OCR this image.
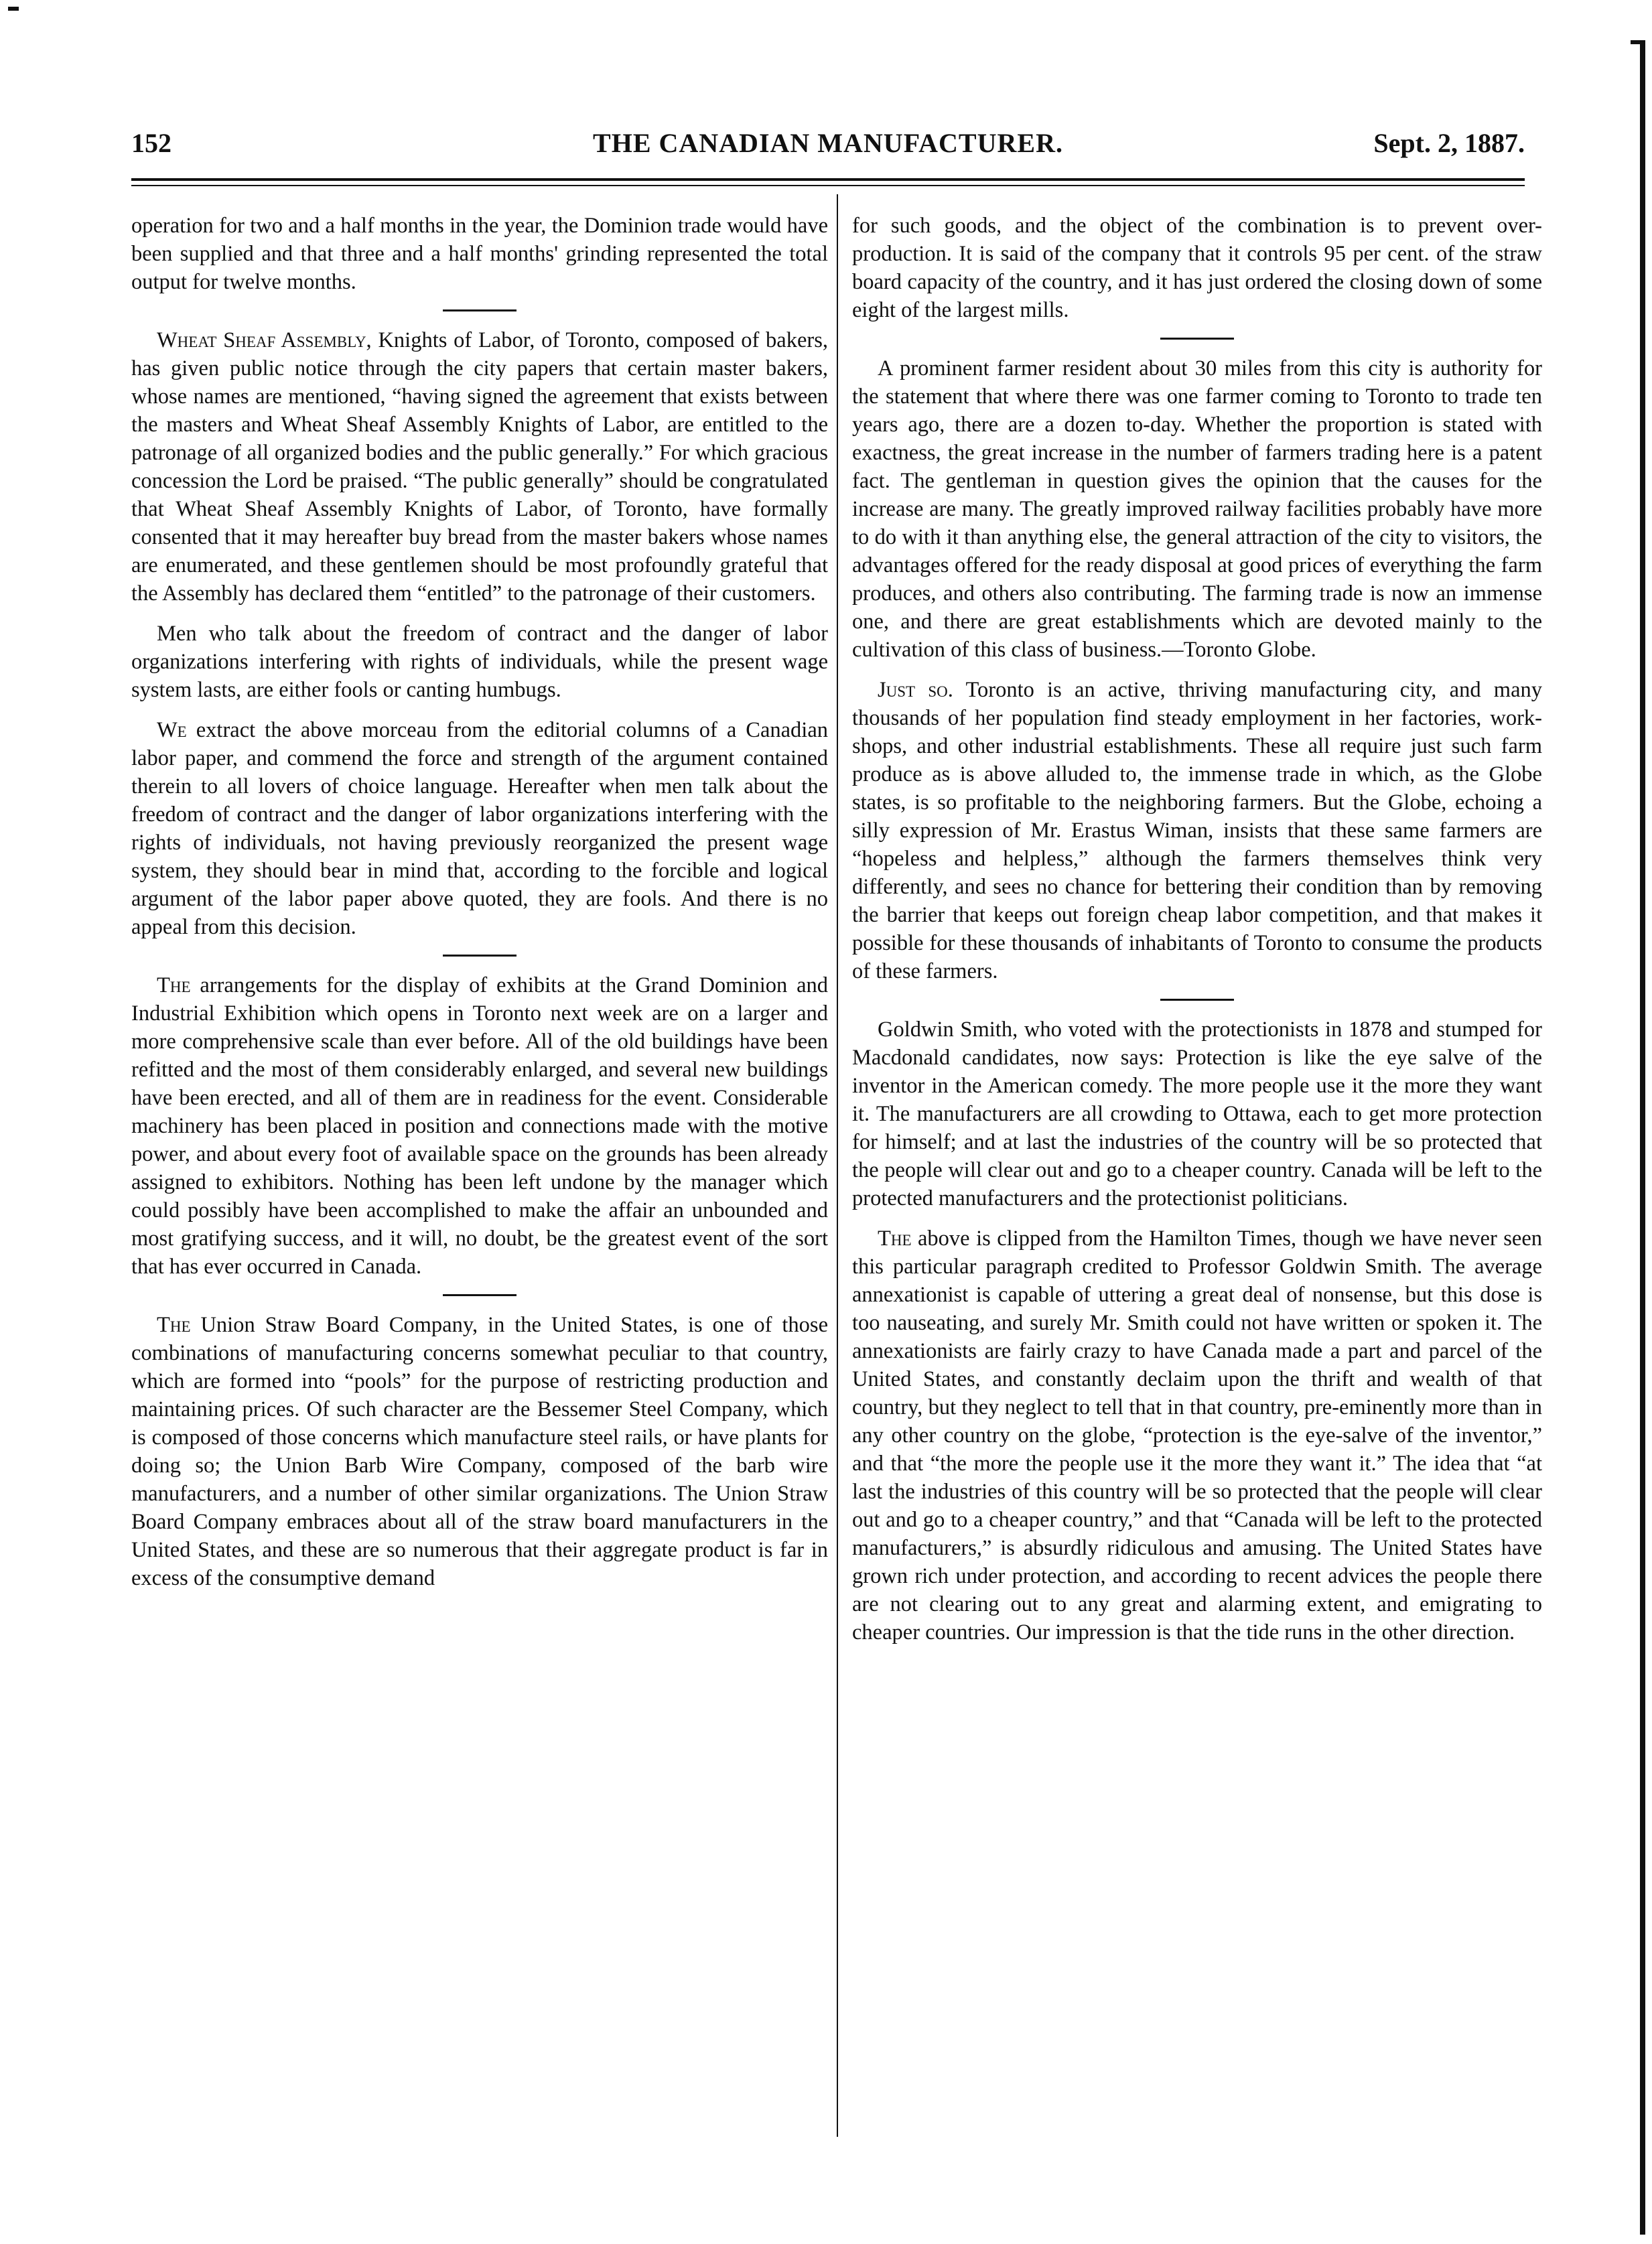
152	THE CANADIAN MANUFACTURER.	Sept. 2, 1887.

operation for two and a half months in the year, the Dominion trade would have been supplied and that three and a half months' grinding represented the total output for twelve months.

Wheat Sheaf Assembly, Knights of Labor, of Toronto, composed of bakers, has given public notice through the city papers that certain master bakers, whose names are mentioned, “having signed the agreement that exists between the masters and Wheat Sheaf Assembly Knights of Labor, are entitled to the patronage of all organized bodies and the public generally.” For which gracious concession the Lord be praised. “The public generally” should be congratulated that Wheat Sheaf Assembly Knights of Labor, of Toronto, have formally consented that it may hereafter buy bread from the master bakers whose names are enumerated, and these gentlemen should be most profoundly grateful that the Assembly has declared them “entitled” to the patronage of their customers.

Men who talk about the freedom of contract and the danger of labor organizations interfering with rights of individuals, while the present wage system lasts, are either fools or canting humbugs.

We extract the above morceau from the editorial columns of a Canadian labor paper, and commend the force and strength of the argument contained therein to all lovers of choice language. Hereafter when men talk about the freedom of contract and the danger of labor organizations interfering with the rights of individuals, not having previously reorganized the present wage system, they should bear in mind that, according to the forcible and logical argument of the labor paper above quoted, they are fools. And there is no appeal from this decision.

The arrangements for the display of exhibits at the Grand Dominion and Industrial Exhibition which opens in Toronto next week are on a larger and more comprehensive scale than ever before. All of the old buildings have been refitted and the most of them considerably enlarged, and several new buildings have been erected, and all of them are in readiness for the event. Considerable machinery has been placed in position and connections made with the motive power, and about every foot of available space on the grounds has been already assigned to exhibitors. Nothing has been left undone by the manager which could possibly have been accomplished to make the affair an unbounded and most gratifying success, and it will, no doubt, be the greatest event of the sort that has ever occurred in Canada.

The Union Straw Board Company, in the United States, is one of those combinations of manufacturing concerns somewhat peculiar to that country, which are formed into “pools” for the purpose of restricting production and maintaining prices. Of such character are the Bessemer Steel Company, which is composed of those concerns which manufacture steel rails, or have plants for doing so; the Union Barb Wire Company, composed of the barb wire manufacturers, and a number of other similar organizations. The Union Straw Board Company embraces about all of the straw board manufacturers in the United States, and these are so numerous that their aggregate product is far in excess of the consumptive demand

for such goods, and the object of the combination is to prevent over-production. It is said of the company that it controls 95 per cent. of the straw board capacity of the country, and it has just ordered the closing down of some eight of the largest mills.

A prominent farmer resident about 30 miles from this city is authority for the statement that where there was one farmer coming to Toronto to trade ten years ago, there are a dozen to-day. Whether the proportion is stated with exactness, the great increase in the number of farmers trading here is a patent fact. The gentleman in question gives the opinion that the causes for the increase are many. The greatly improved railway facilities probably have more to do with it than anything else, the general attraction of the city to visitors, the advantages offered for the ready disposal at good prices of everything the farm produces, and others also contributing. The farming trade is now an immense one, and there are great establishments which are devoted mainly to the cultivation of this class of business.—Toronto Globe.

Just so. Toronto is an active, thriving manufacturing city, and many thousands of her population find steady employment in her factories, work-shops, and other industrial establishments. These all require just such farm produce as is above alluded to, the immense trade in which, as the Globe states, is so profitable to the neighboring farmers. But the Globe, echoing a silly expression of Mr. Erastus Wiman, insists that these same farmers are “hopeless and helpless,” although the farmers themselves think very differently, and sees no chance for bettering their condition than by removing the barrier that keeps out foreign cheap labor competition, and that makes it possible for these thousands of inhabitants of Toronto to consume the products of these farmers.

Goldwin Smith, who voted with the protectionists in 1878 and stumped for Macdonald candidates, now says: Protection is like the eye salve of the inventor in the American comedy. The more people use it the more they want it. The manufacturers are all crowding to Ottawa, each to get more protection for himself; and at last the industries of the country will be so protected that the people will clear out and go to a cheaper country. Canada will be left to the protected manufacturers and the protectionist politicians.

The above is clipped from the Hamilton Times, though we have never seen this particular paragraph credited to Professor Goldwin Smith. The average annexationist is capable of uttering a great deal of nonsense, but this dose is too nauseating, and surely Mr. Smith could not have written or spoken it. The annexationists are fairly crazy to have Canada made a part and parcel of the United States, and constantly declaim upon the thrift and wealth of that country, but they neglect to tell that in that country, pre-eminently more than in any other country on the globe, “protection is the eye-salve of the inventor,” and that “the more the people use it the more they want it.” The idea that “at last the industries of this country will be so protected that the people will clear out and go to a cheaper country,” and that “Canada will be left to the protected manufacturers,” is absurdly ridiculous and amusing. The United States have grown rich under protection, and according to recent advices the people there are not clearing out to any great and alarming extent, and emigrating to cheaper countries. Our impression is that the tide runs in the other direction.
